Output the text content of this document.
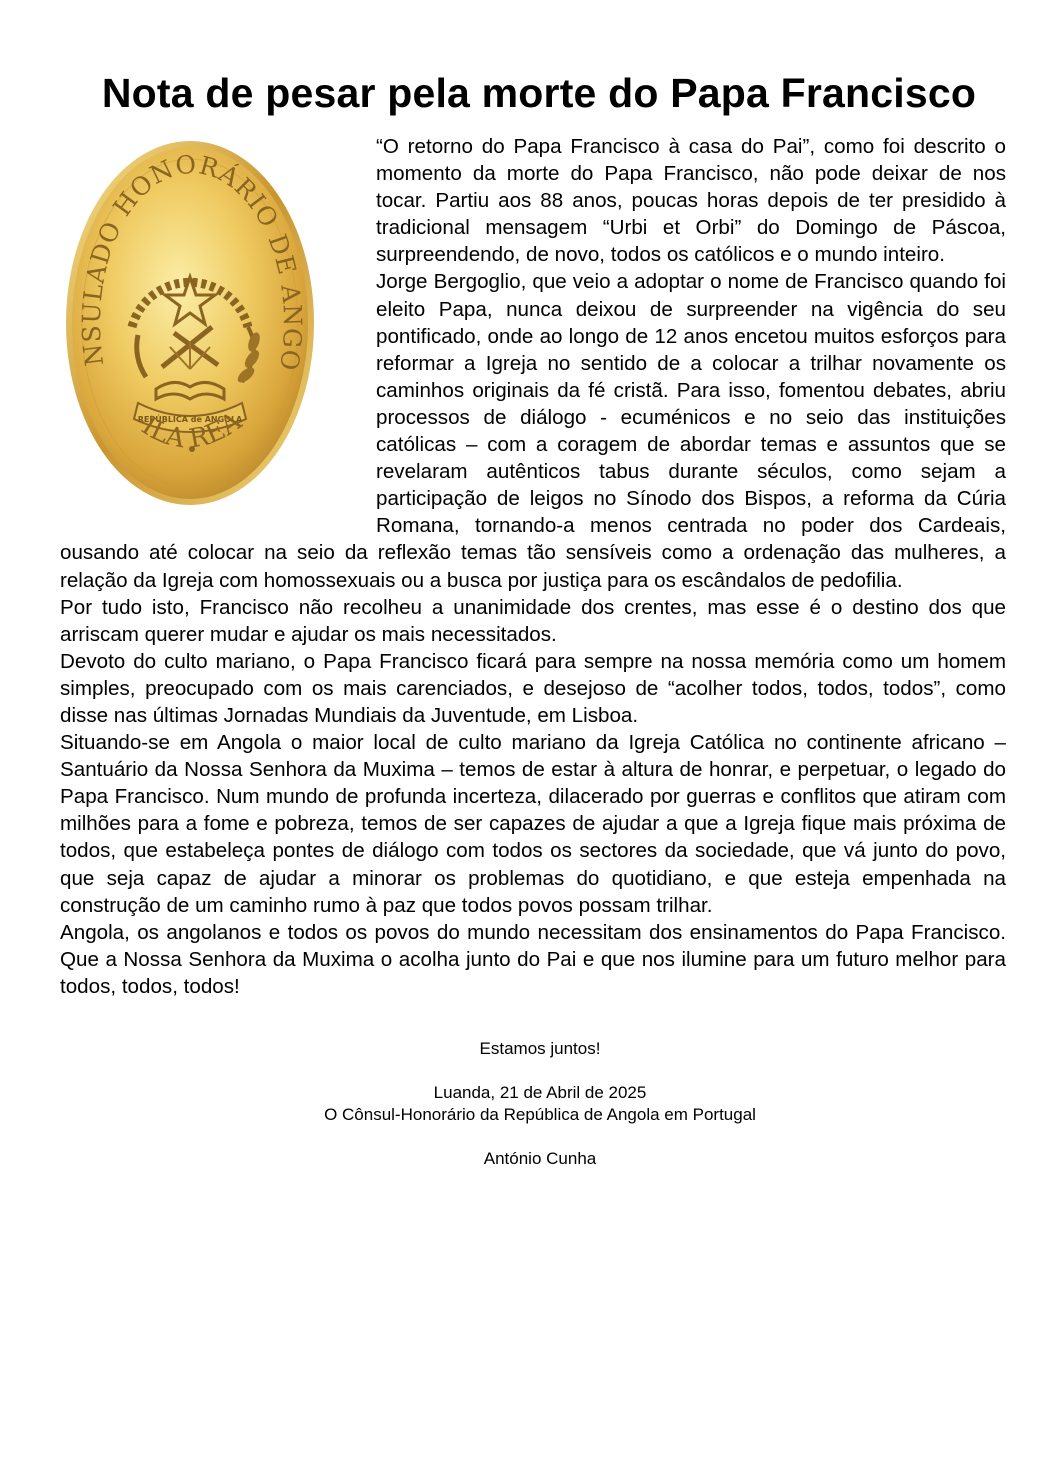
Nota de pesar pela morte do Papa Francisco
NSULADO HONORÁRIO DE ANGO
REPÚBLICA de ANGOLA
ILA REA

“O retorno do Papa Francisco à casa do Pai”, como foi descrito o momento da morte do Papa Francisco, não pode deixar de nos tocar. Partiu aos 88 anos, poucas horas depois de ter presidido à tradicional mensagem “Urbi et Orbi” do Domingo de Páscoa, surpreendendo, de novo, todos os católicos e o mundo inteiro.

Jorge Bergoglio, que veio a adoptar o nome de Francisco quando foi eleito Papa, nunca deixou de surpreender na vigência do seu pontificado, onde ao longo de 12 anos encetou muitos esforços para reformar a Igreja no sentido de a colocar a trilhar novamente os caminhos originais da fé cristã. Para isso, fomentou debates, abriu processos de diálogo - ecuménicos e no seio das instituições católicas – com a coragem de abordar temas e assuntos que se revelaram autênticos tabus durante séculos, como sejam a participação de leigos no Sínodo dos Bispos, a reforma da Cúria Romana, tornando-a menos centrada no poder dos Cardeais, ousando até colocar na seio da reflexão temas tão sensíveis como a ordenação das mulheres, a relação da Igreja com homossexuais ou a busca por justiça para os escândalos de pedofilia.

Por tudo isto, Francisco não recolheu a unanimidade dos crentes, mas esse é o destino dos que arriscam querer mudar e ajudar os mais necessitados.

Devoto do culto mariano, o Papa Francisco ficará para sempre na nossa memória como um homem simples, preocupado com os mais carenciados, e desejoso de “acolher todos, todos, todos”, como disse nas últimas Jornadas Mundiais da Juventude, em Lisboa.

Situando-se em Angola o maior local de culto mariano da Igreja Católica no continente africano – Santuário da Nossa Senhora da Muxima – temos de estar à altura de honrar, e perpetuar, o legado do Papa Francisco. Num mundo de profunda incerteza, dilacerado por guerras e conflitos que atiram com milhões para a fome e pobreza, temos de ser capazes de ajudar a que a Igreja fique mais próxima de todos, que estabeleça pontes de diálogo com todos os sectores da sociedade, que vá junto do povo, que seja capaz de ajudar a minorar os problemas do quotidiano, e que esteja empenhada na construção de um caminho rumo à paz que todos povos possam trilhar.

Angola, os angolanos e todos os povos do mundo necessitam dos ensinamentos do Papa Francisco. Que a Nossa Senhora da Muxima o acolha junto do Pai e que nos ilumine para um futuro melhor para todos, todos, todos!

Estamos juntos!
Luanda, 21 de Abril de 2025
O Cônsul-Honorário da República de Angola em Portugal
António Cunha
